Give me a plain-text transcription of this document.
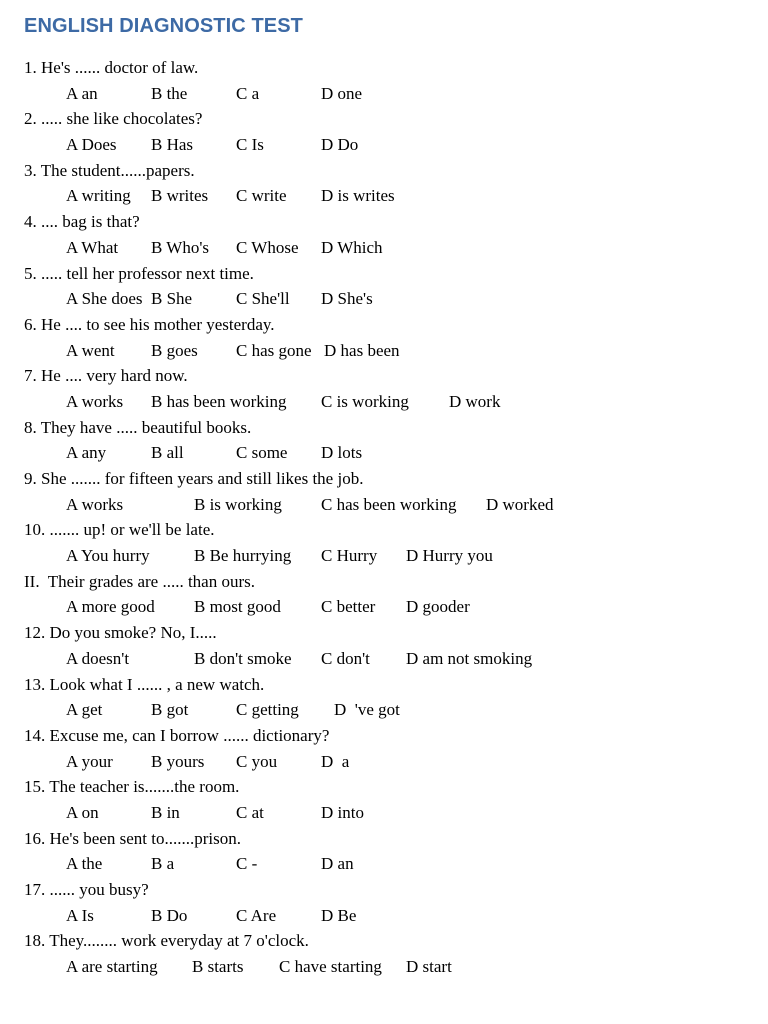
ENGLISH DIAGNOSTIC TEST
1. He's ...... doctor of law.
A an	B the	C a	D one
2. ..... she like chocolates?
A Does B Has	C Is	D Do
3. The student......papers.
A writing B writes C write D is writes
4. .... bag is that?
A What B Who's C Whose D Which
5. ..... tell her professor next time.
A She does B She	C She'll D She's
6. He .... to see his mother yesterday.
A went B goes C has gone D has been
7. He .... very hard now.
A works B has been working C is working D work
8. They have ..... beautiful books.
A any	B all	C some D lots
9. She ....... for fifteen years and still likes the job.
A works	B is working C has been working D worked
10. ....... up! or we'll be late.
A You hurry	B Be hurrying C Hurry D Hurry you
II.  Their grades are ..... than ours.
A more good B most good C better D gooder
12. Do you smoke? No, I.....
A doesn't	B don't smoke C don't D am not smoking
13. Look what I ...... , a new watch.
A get	B got	C getting D  've got
14. Excuse me, can I borrow ...... dictionary?
A your B yours C you	D  a
15. The teacher is.......the room.
A on	B in	C at	D into
16. He's been sent to.......prison.
A the	B a	C -	D an
17. ...... you busy?
A Is	B Do	C Are	D Be
18. They........ work everyday at 7 o'clock.
A are starting B starts C have starting D start
